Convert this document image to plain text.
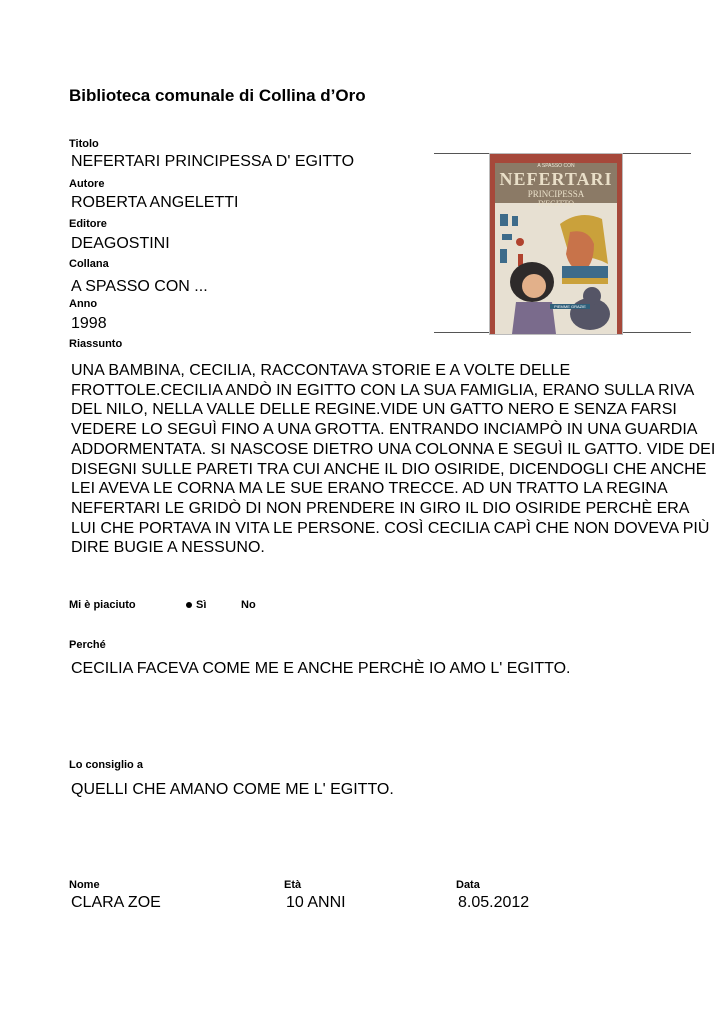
Biblioteca comunale di Collina d’Oro
Titolo
NEFERTARI PRINCIPESSA D' EGITTO
Autore
ROBERTA ANGELETTI
Editore
DEAGOSTINI
Collana
A SPASSO CON ...
Anno
1998
Riassunto
UNA BAMBINA, CECILIA, RACCONTAVA STORIE E A VOLTE DELLE FROTTOLE.CECILIA ANDÒ IN EGITTO CON LA SUA FAMIGLIA, ERANO SULLA RIVA DEL NILO, NELLA VALLE DELLE REGINE.VIDE UN GATTO NERO E SENZA FARSI VEDERE LO SEGUÌ FINO A UNA GROTTA. ENTRANDO INCIAMPÒ IN UNA GUARDIA ADDORMENTATA. SI NASCOSE DIETRO UNA COLONNA E SEGUÌ IL GATTO. VIDE DEI DISEGNI SULLE PARETI TRA CUI ANCHE IL DIO OSIRIDE, DICENDOGLI CHE ANCHE LEI AVEVA LE CORNA MA LE SUE ERANO TRECCE. AD UN TRATTO LA REGINA NEFERTARI LE GRIDÒ DI NON PRENDERE IN GIRO IL DIO OSIRIDE PERCHÈ ERA LUI CHE PORTAVA IN VITA LE PERSONE. COSÌ CECILIA CAPÌ CHE NON DOVEVA PIÙ DIRE BUGIE A NESSUNO.
A SPASSO CON
NEFERTARI
PRINCIPESSA
D'EGITTO
PIEMME GRAZIE
Mi è piaciuto	Sì	No
Perché
CECILIA FACEVA COME ME E ANCHE PERCHÈ IO AMO L' EGITTO.
Lo consiglio a
QUELLI CHE AMANO COME ME L' EGITTO.
Nome
CLARA ZOE
Età
10 ANNI
Data
8.05.2012
